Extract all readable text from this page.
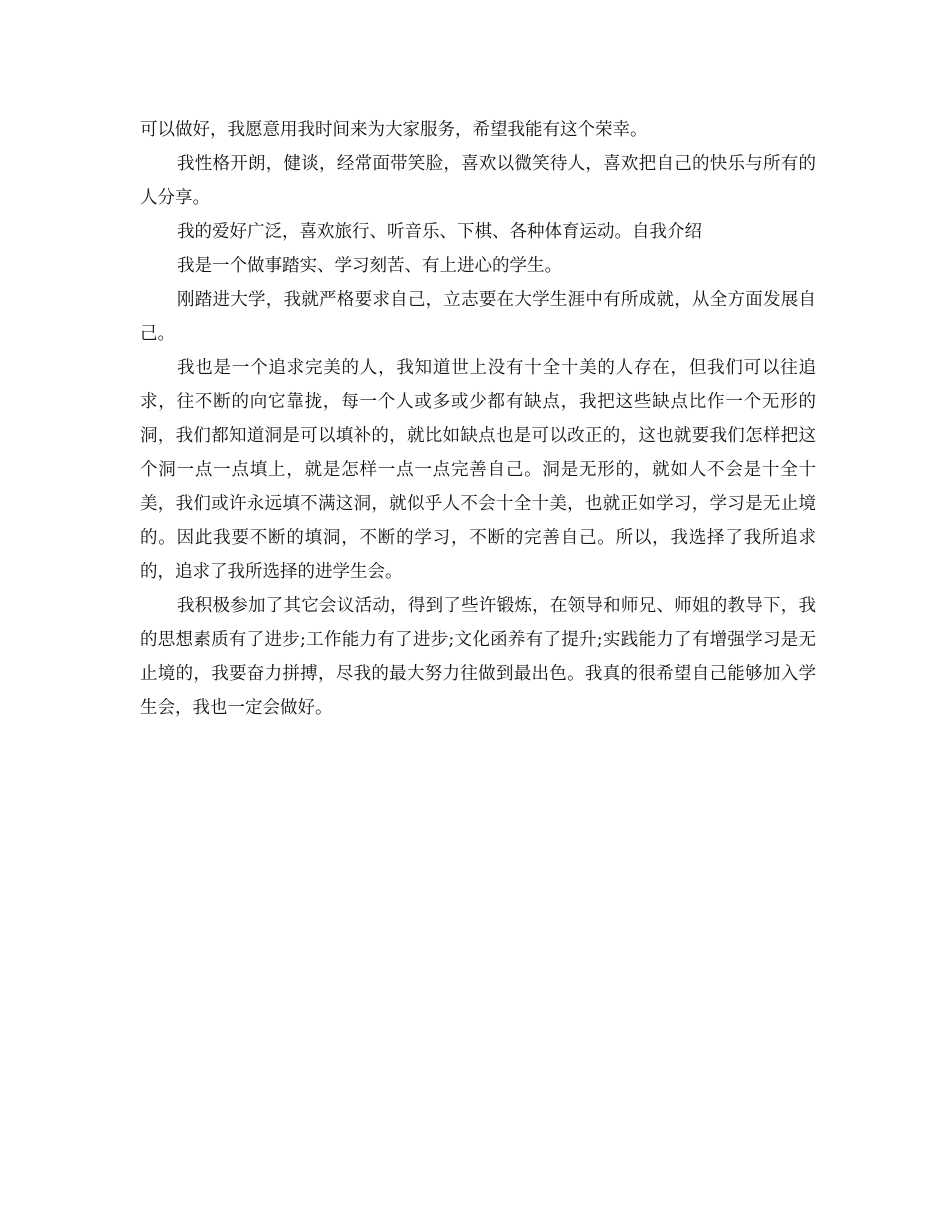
可以做好，我愿意用我时间来为大家服务，希望我能有这个荣幸。

我性格开朗，健谈，经常面带笑脸，喜欢以微笑待人，喜欢把自己的快乐与所有的人分享。

我的爱好广泛，喜欢旅行、听音乐、下棋、各种体育运动。自我介绍

我是一个做事踏实、学习刻苦、有上进心的学生。

刚踏进大学，我就严格要求自己，立志要在大学生涯中有所成就，从全方面发展自己。

我也是一个追求完美的人，我知道世上没有十全十美的人存在，但我们可以往追求，往不断的向它靠拢，每一个人或多或少都有缺点，我把这些缺点比作一个无形的洞，我们都知道洞是可以填补的，就比如缺点也是可以改正的，这也就要我们怎样把这个洞一点一点填上，就是怎样一点一点完善自己。洞是无形的，就如人不会是十全十美，我们或许永远填不满这洞，就似乎人不会十全十美，也就正如学习，学习是无止境的。因此我要不断的填洞，不断的学习，不断的完善自己。所以，我选择了我所追求的，追求了我所选择的进学生会。

我积极参加了其它会议活动，得到了些许锻炼，在领导和师兄、师姐的教导下，我的思想素质有了进步;工作能力有了进步;文化函养有了提升;实践能力了有增强学习是无止境的，我要奋力拼搏，尽我的最大努力往做到最出色。我真的很希望自己能够加入学生会，我也一定会做好。
